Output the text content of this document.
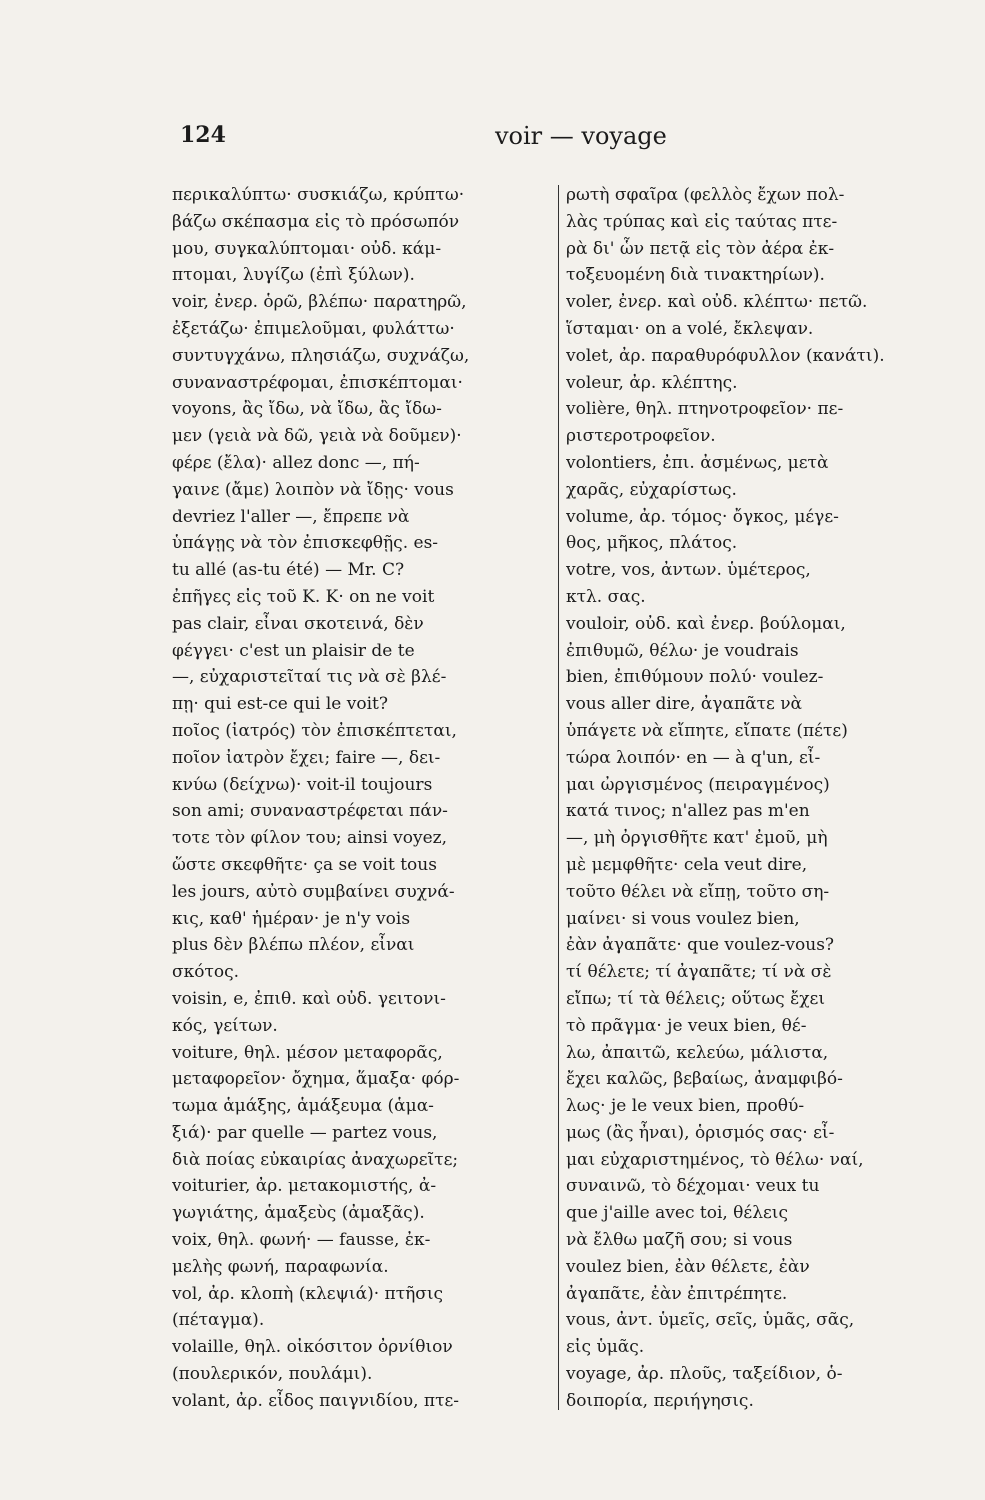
124	voir — voyage
περικαλύπτω· συσκιάζω, κρύπτω·
βάζω σκέπασμα εἰς τὸ πρόσωπόν
μου, συγκαλύπτομαι· οὐδ. κάμ-
πτομαι, λυγίζω (ἐπὶ ξύλων).
voir, ἐνερ. ὁρῶ, βλέπω· παρατηρῶ,
ἐξετάζω· ἐπιμελοῦμαι, φυλάττω·
συντυγχάνω, πλησιάζω, συχνάζω,
συναναστρέφομαι, ἐπισκέπτομαι·
voyons, ἂς ἴδω, νὰ ἴδω, ἂς ἴδω-
μεν (γειὰ νὰ δῶ, γειὰ νὰ δοῦμεν)·
φέρε (ἔλα)· allez donc —, πή-
γαινε (ἄμε) λοιπὸν νὰ ἴδῃς· vous
devriez l'aller —, ἔπρεπε νὰ
ὑπάγῃς νὰ τὸν ἐπισκεφθῇς. es-
tu allé (as-tu été) — Mr. C?
ἐπῆγες εἰς τοῦ Κ. Κ· on ne voit
pas clair, εἶναι σκοτεινά, δὲν
φέγγει· c'est un plaisir de te
—, εὐχαριστεῖταί τις νὰ σὲ βλέ-
πῃ· qui est-ce qui le voit?
ποῖος (ἰατρός) τὸν ἐπισκέπτεται,
ποῖον ἰατρὸν ἔχει; faire —, δει-
κνύω (δείχνω)· voit-il toujours
son ami; συναναστρέφεται πάν-
τοτε τὸν φίλον του; ainsi voyez,
ὥστε σκεφθῆτε· ça se voit tous
les jours, αὐτὸ συμβαίνει συχνά-
κις, καθ' ἡμέραν· je n'y vois
plus δὲν βλέπω πλέον, εἶναι
σκότος.
voisin, e, ἐπιθ. καὶ οὐδ. γειτονι-
κός, γείτων.
voiture, θηλ. μέσον μεταφορᾶς,
μεταφορεῖον· ὄχημα, ἅμαξα· φόρ-
τωμα ἁμάξης, ἁμάξευμα (ἁμα-
ξιά)· par quelle — partez vous,
διὰ ποίας εὐκαιρίας ἀναχωρεῖτε;
voiturier, ἀρ. μετακομιστής, ἀ-
γωγιάτης, ἁμαξεὺς (ἀμαξᾶς).
voix, θηλ. φωνή· — fausse, ἐκ-
μελὴς φωνή, παραφωνία.
vol, ἀρ. κλοπὴ (κλεψιά)· πτῆσις
(πέταγμα).
volaille, θηλ. οἰκόσιτον ὀρνίθιον
(πουλερικόν, πουλάμι).
volant, ἀρ. εἶδος παιγνιδίου, πτε-
ρωτὴ σφαῖρα (φελλὸς ἔχων πολ-
λὰς τρύπας καὶ εἰς ταύτας πτε-
ρὰ δι' ὧν πετᾷ εἰς τὸν ἀέρα ἐκ-
τοξευομένη διὰ τινακτηρίων).
voler, ἐνερ. καὶ οὐδ. κλέπτω· πετῶ.
ἵσταμαι· on a volé, ἔκλεψαν.
volet, ἀρ. παραθυρόφυλλον (κανάτι).
voleur, ἀρ. κλέπτης.
volière, θηλ. πτηνοτροφεῖον· πε-
ριστεροτροφεῖον.
volontiers, ἐπι. ἀσμένως, μετὰ
χαρᾶς, εὐχαρίστως.
volume, ἀρ. τόμος· ὄγκος, μέγε-
θος, μῆκος, πλάτος.
votre, vos, ἀντων. ὑμέτερος,
κτλ. σας.
vouloir, οὐδ. καὶ ἐνερ. βούλομαι,
ἐπιθυμῶ, θέλω· je voudrais
bien, ἐπιθύμουν πολύ· voulez-
vous aller dire, ἀγαπᾶτε νὰ
ὑπάγετε νὰ εἴπητε, εἴπατε (πέτε)
τώρα λοιπόν· en — à q'un, εἶ-
μαι ὠργισμένος (πειραγμένος)
κατά τινος; n'allez pas m'en
—, μὴ ὀργισθῆτε κατ' ἐμοῦ, μὴ
μὲ μεμφθῆτε· cela veut dire,
τοῦτο θέλει νὰ εἴπῃ, τοῦτο ση-
μαίνει· si vous voulez bien,
ἐὰν ἀγαπᾶτε· que voulez-vous?
τί θέλετε; τί ἀγαπᾶτε; τί νὰ σὲ
εἴπω; τί τὰ θέλεις; οὕτως ἔχει
τὸ πρᾶγμα· je veux bien, θέ-
λω, ἀπαιτῶ, κελεύω, μάλιστα,
ἔχει καλῶς, βεβαίως, ἀναμφιβό-
λως· je le veux bien, προθύ-
μως (ἂς ἦναι), ὁρισμός σας· εἶ-
μαι εὐχαριστημένος, τὸ θέλω· ναί,
συναινῶ, τὸ δέχομαι· veux tu
que j'aille avec toi, θέλεις
νὰ ἔλθω μαζῆ σου; si vous
voulez bien, ἐὰν θέλετε, ἐὰν
ἀγαπᾶτε, ἐὰν ἐπιτρέπητε.
vous, ἀντ. ὑμεῖς, σεῖς, ὑμᾶς, σᾶς,
εἰς ὑμᾶς.
voyage, ἀρ. πλοῦς, ταξείδιον, ὁ-
δοιπορία, περιήγησις.
